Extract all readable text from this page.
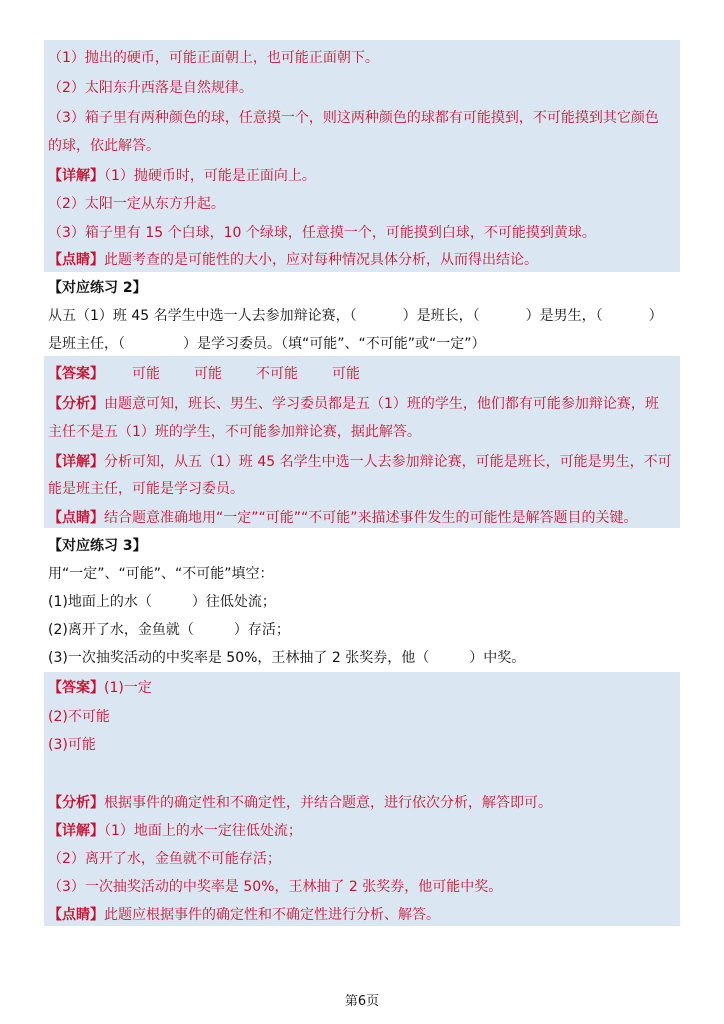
（1）抛出的硬币，可能正面朝上，也可能正面朝下。
（2）太阳东升西落是自然规律。
（3）箱子里有两种颜色的球，任意摸一个，则这两种颜色的球都有可能摸到，不可能摸到其它颜色
的球，依此解答。
【详解】（1）抛硬币时，可能是正面向上。
（2）太阳一定从东方升起。
（3）箱子里有 15 个白球，10 个绿球，任意摸一个，可能摸到白球，不可能摸到黄球。
【点睛】此题考查的是可能性的大小，应对每种情况具体分析，从而得出结论。
【对应练习 2】
从五（1）班 45 名学生中选一人去参加辩论赛，（	）是班长，（	）是男生，（	）
是班主任，（	）是学习委员。（填“可能”、“不可能”或“一定”）
【答案】 可能 可能 不可能 可能
【分析】由题意可知，班长、男生、学习委员都是五（1）班的学生，他们都有可能参加辩论赛，班
主任不是五（1）班的学生，不可能参加辩论赛，据此解答。
【详解】分析可知，从五（1）班 45 名学生中选一人去参加辩论赛，可能是班长，可能是男生，不可
能是班主任，可能是学习委员。
【点睛】结合题意准确地用“一定”“可能”“不可能”来描述事件发生的可能性是解答题目的关键。
【对应练习 3】
用“一定”、“可能”、“不可能”填空：
(1)地面上的水（	）往低处流；
(2)离开了水，金鱼就（	）存活；
(3)一次抽奖活动的中奖率是 50%，王林抽了 2 张奖券，他（	）中奖。
【答案】(1)一定
(2)不可能
(3)可能
【分析】根据事件的确定性和不确定性，并结合题意，进行依次分析，解答即可。
【详解】（1）地面上的水一定往低处流；
（2）离开了水，金鱼就不可能存活；
（3）一次抽奖活动的中奖率是 50%，王林抽了 2 张奖券，他可能中奖。
【点睛】此题应根据事件的确定性和不确定性进行分析、解答。
第6页
